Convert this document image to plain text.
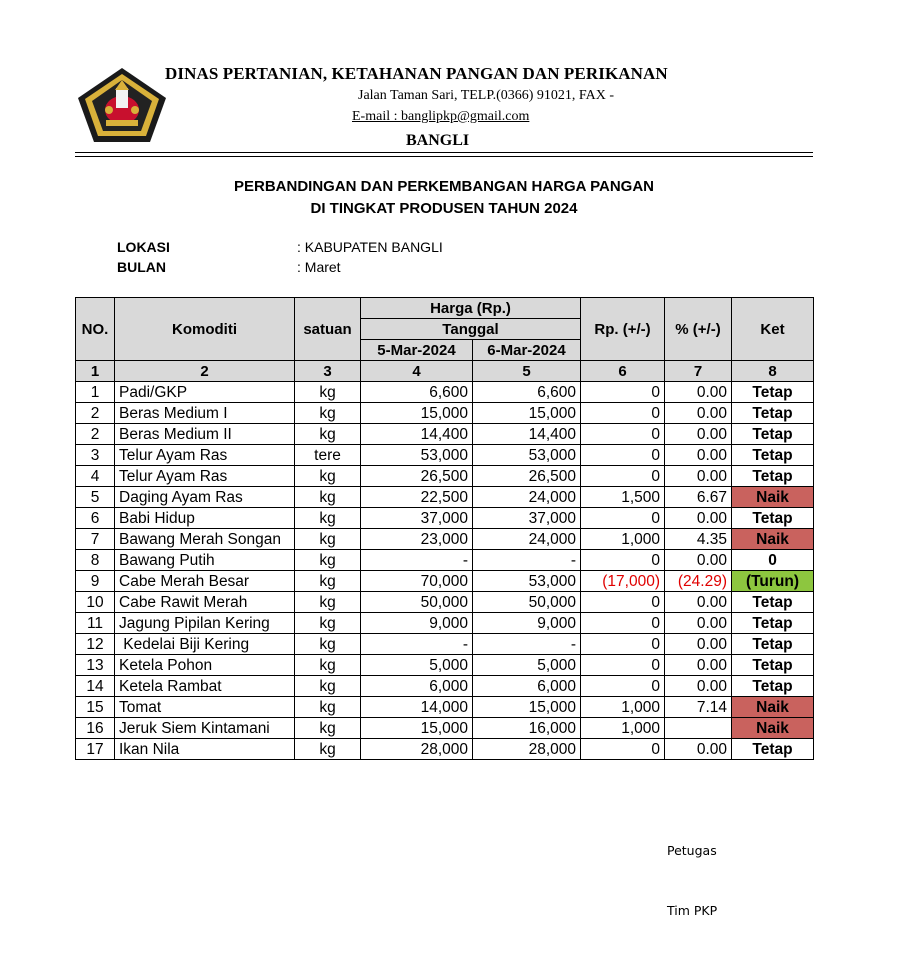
DINAS PERTANIAN, KETAHANAN PANGAN DAN PERIKANAN
Jalan Taman Sari, TELP.(0366) 91021, FAX -
E-mail : banglipkp@gmail.com
BANGLI
PERBANDINGAN DAN PERKEMBANGAN HARGA PANGAN
DI TINGKAT PRODUSEN TAHUN 2024
LOKASI	: KABUPATEN BANGLI
BULAN	: Maret
NO.	Komoditi	satuan	Harga (Rp.)		Rp. (+/-)	% (+/-)	Ket
			Tanggal				
			5-Mar-2024	6-Mar-2024			
1	2	3	4	5	6	7	8
1	Padi/GKP	kg	6,600	6,600	0	0.00	Tetap
2	Beras Medium I	kg	15,000	15,000	0	0.00	Tetap
2	Beras Medium II	kg	14,400	14,400	0	0.00	Tetap
3	Telur Ayam Ras	tere	53,000	53,000	0	0.00	Tetap
4	Telur Ayam Ras	kg	26,500	26,500	0	0.00	Tetap
5	Daging Ayam Ras	kg	22,500	24,000	1,500	6.67	Naik
6	Babi Hidup	kg	37,000	37,000	0	0.00	Tetap
7	Bawang Merah Songan	kg	23,000	24,000	1,000	4.35	Naik
8	Bawang Putih	kg	-	-	0	0.00	0
9	Cabe Merah Besar	kg	70,000	53,000	(17,000)	(24.29)	(Turun)
10	Cabe Rawit Merah	kg	50,000	50,000	0	0.00	Tetap
11	Jagung Pipilan Kering	kg	9,000	9,000	0	0.00	Tetap
12	Kedelai Biji Kering	kg	-	-	0	0.00	Tetap
13	Ketela Pohon	kg	5,000	5,000	0	0.00	Tetap
14	Ketela Rambat	kg	6,000	6,000	0	0.00	Tetap
15	Tomat	kg	14,000	15,000	1,000	7.14	Naik
16	Jeruk Siem Kintamani	kg	15,000	16,000	1,000		Naik
17	Ikan Nila	kg	28,000	28,000	0	0.00	Tetap
Petugas
Tim PKP
